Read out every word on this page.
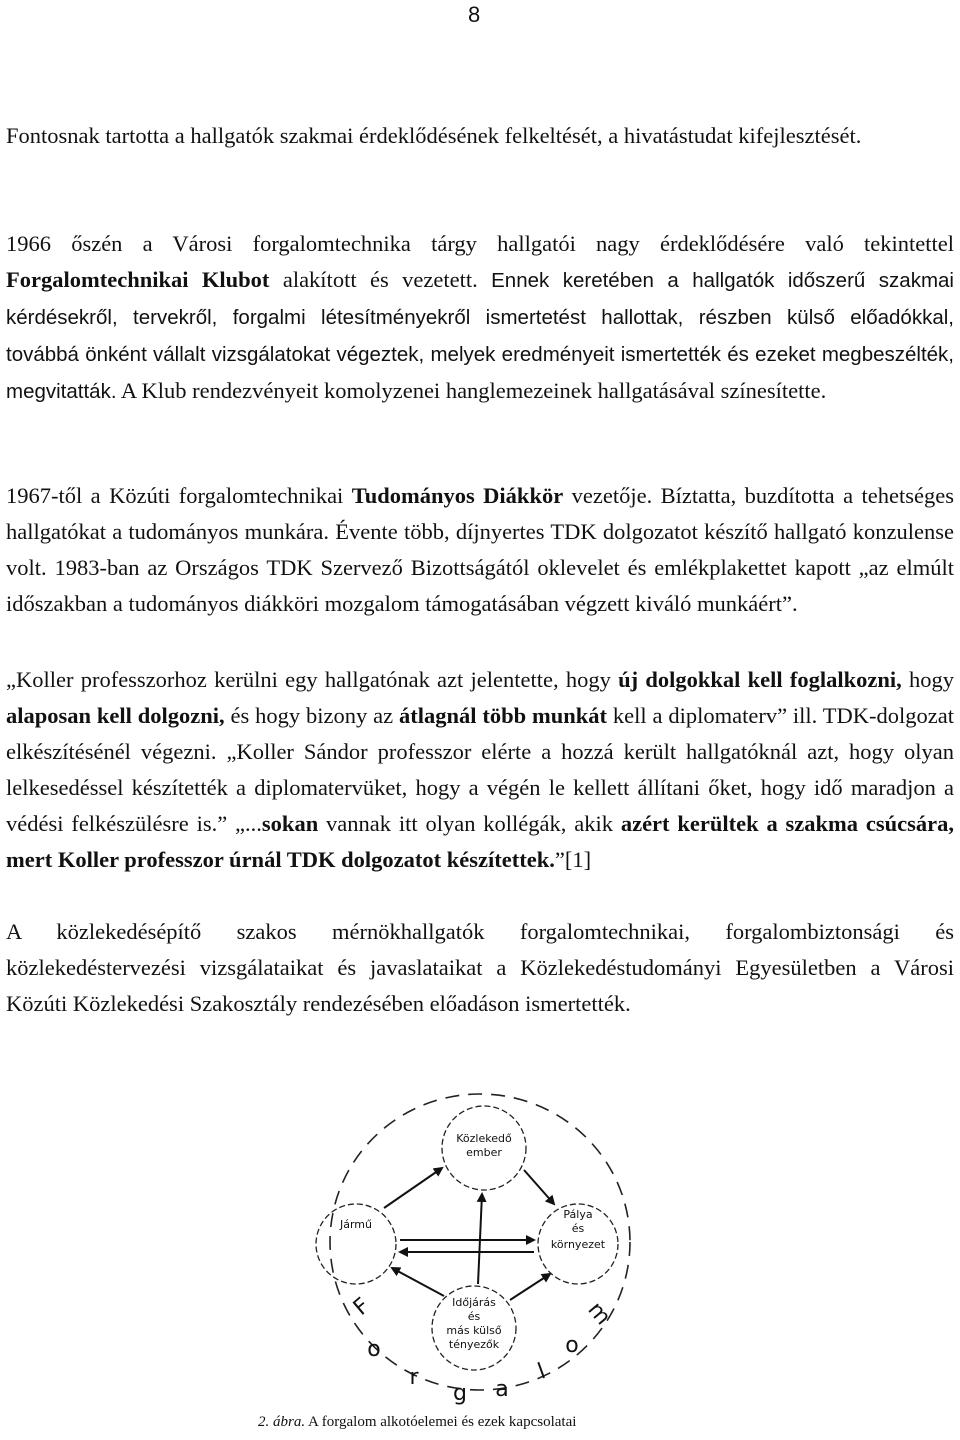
8

Fontosnak tartotta a hallgatók szakmai érdeklődésének felkeltését, a hivatástudat kifejlesztését.

1966 őszén a Városi forgalomtechnika tárgy hallgatói nagy érdeklődésére való tekintettel Forgalomtechnikai Klubot alakított és vezetett. Ennek keretében a hallgatók időszerű szakmai kérdésekről, tervekről, forgalmi létesítményekről ismertetést hallottak, részben külső előadókkal, továbbá önként vállalt vizsgálatokat végeztek, melyek eredményeit ismertették és ezeket megbeszélték, megvitatták. A Klub rendezvényeit komolyzenei hanglemezeinek hallgatásával színesítette.

1967-től a Közúti forgalomtechnikai Tudományos Diákkör vezetője. Bíztatta, buzdította a tehetséges hallgatókat a tudományos munkára. Évente több, díjnyertes TDK dolgozatot készítő hallgató konzulense volt. 1983-ban az Országos TDK Szervező Bizottságától oklevelet és emlékplakettet kapott „az elmúlt időszakban a tudományos diákköri mozgalom támogatásában végzett kiváló munkáért”.

„Koller professzorhoz kerülni egy hallgatónak azt jelentette, hogy új dolgokkal kell foglalkozni, hogy alaposan kell dolgozni, és hogy bizony az átlagnál több munkát kell a diplomaterv” ill. TDK-dolgozat elkészítésénél végezni. „Koller Sándor professzor elérte a hozzá került hallgatóknál azt, hogy olyan lelkesedéssel készítették a diplomatervüket, hogy a végén le kellett állítani őket, hogy idő maradjon a védési felkészülésre is.” „...sokan vannak itt olyan kollégák, akik azért kerültek a szakma csúcsára, mert Koller professzor úrnál TDK dolgozatot készítettek.”[1]

A közlekedésépítő szakos mérnökhallgatók forgalomtechnikai, forgalombiztonsági és közlekedéstervezési vizsgálataikat és javaslataikat a Közlekedéstudományi Egyesületben a Városi Közúti Közlekedési Szakosztály rendezésében előadáson ismertették.

Közlekedő
ember
Jármű
Pálya
és
környezet
Időjárás
és
más külső
tényezők
F
o
r
g a
l
o
m
2. ábra. A forgalom alkotóelemei és ezek kapcsolatai
